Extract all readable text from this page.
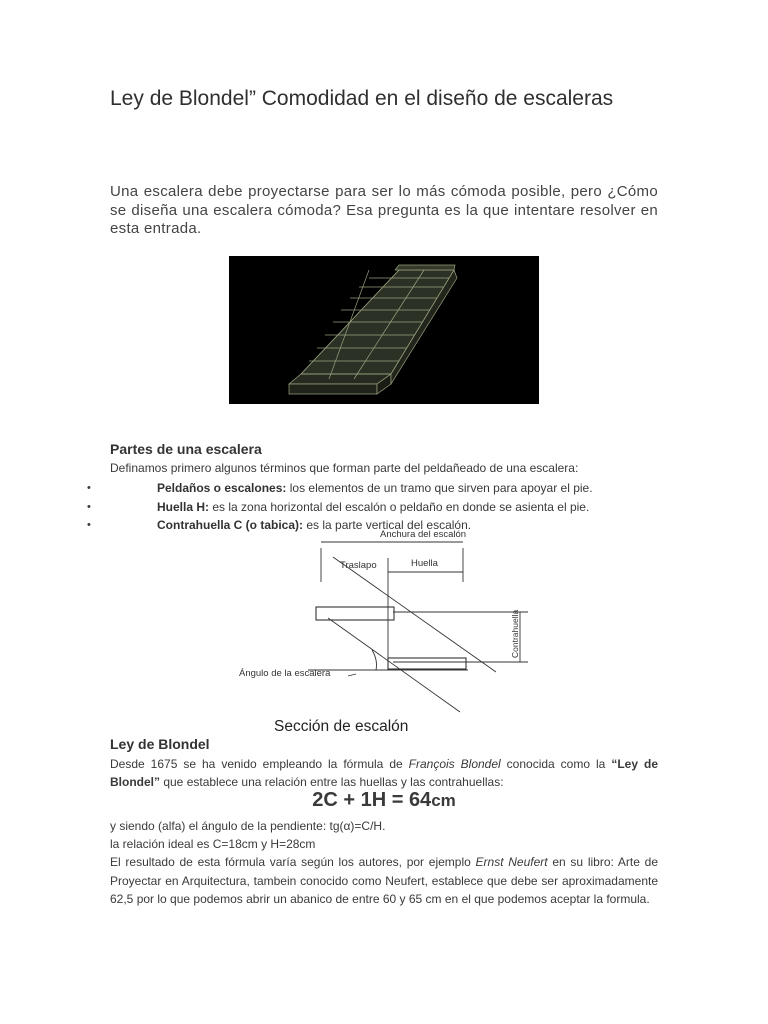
Ley de Blondel” Comodidad en el diseño de escaleras

Una escalera debe proyectarse para ser lo más cómoda posible, pero ¿Cómo se diseña una escalera cómoda? Esa pregunta es la que intentare resolver en esta entrada.

Partes de una escalera

Definamos primero algunos términos que forman parte del peldañeado de una escalera:

•	Peldaños o escalones: los elementos de un tramo que sirven para apoyar el pie.
•	Huella H: es la zona horizontal del escalón o peldaño en donde se asienta el pie.
•	Contrahuella C (o tabica): es la parte vertical del escalón.
Anchura del escalón
Traslapo	Huella
Ángulo de la escalera
Contrahuella
Sección de escalón
Ley de Blondel

Desde 1675 se ha venido empleando la fórmula de François Blondel conocida como la “Ley de Blondel” que establece una relación entre las huellas y las contrahuellas:

2C + 1H = 64cm

y siendo (alfa) el ángulo de la pendiente: tg(α)=C/H.

la relación ideal es C=18cm y H=28cm

El resultado de esta fórmula varía según los autores, por ejemplo Ernst Neufert en su libro: Arte de Proyectar en Arquitectura, tambein conocido como Neufert, establece que debe ser aproximadamente 62,5 por lo que podemos abrir un abanico de entre 60 y 65 cm en el que podemos aceptar la formula.
